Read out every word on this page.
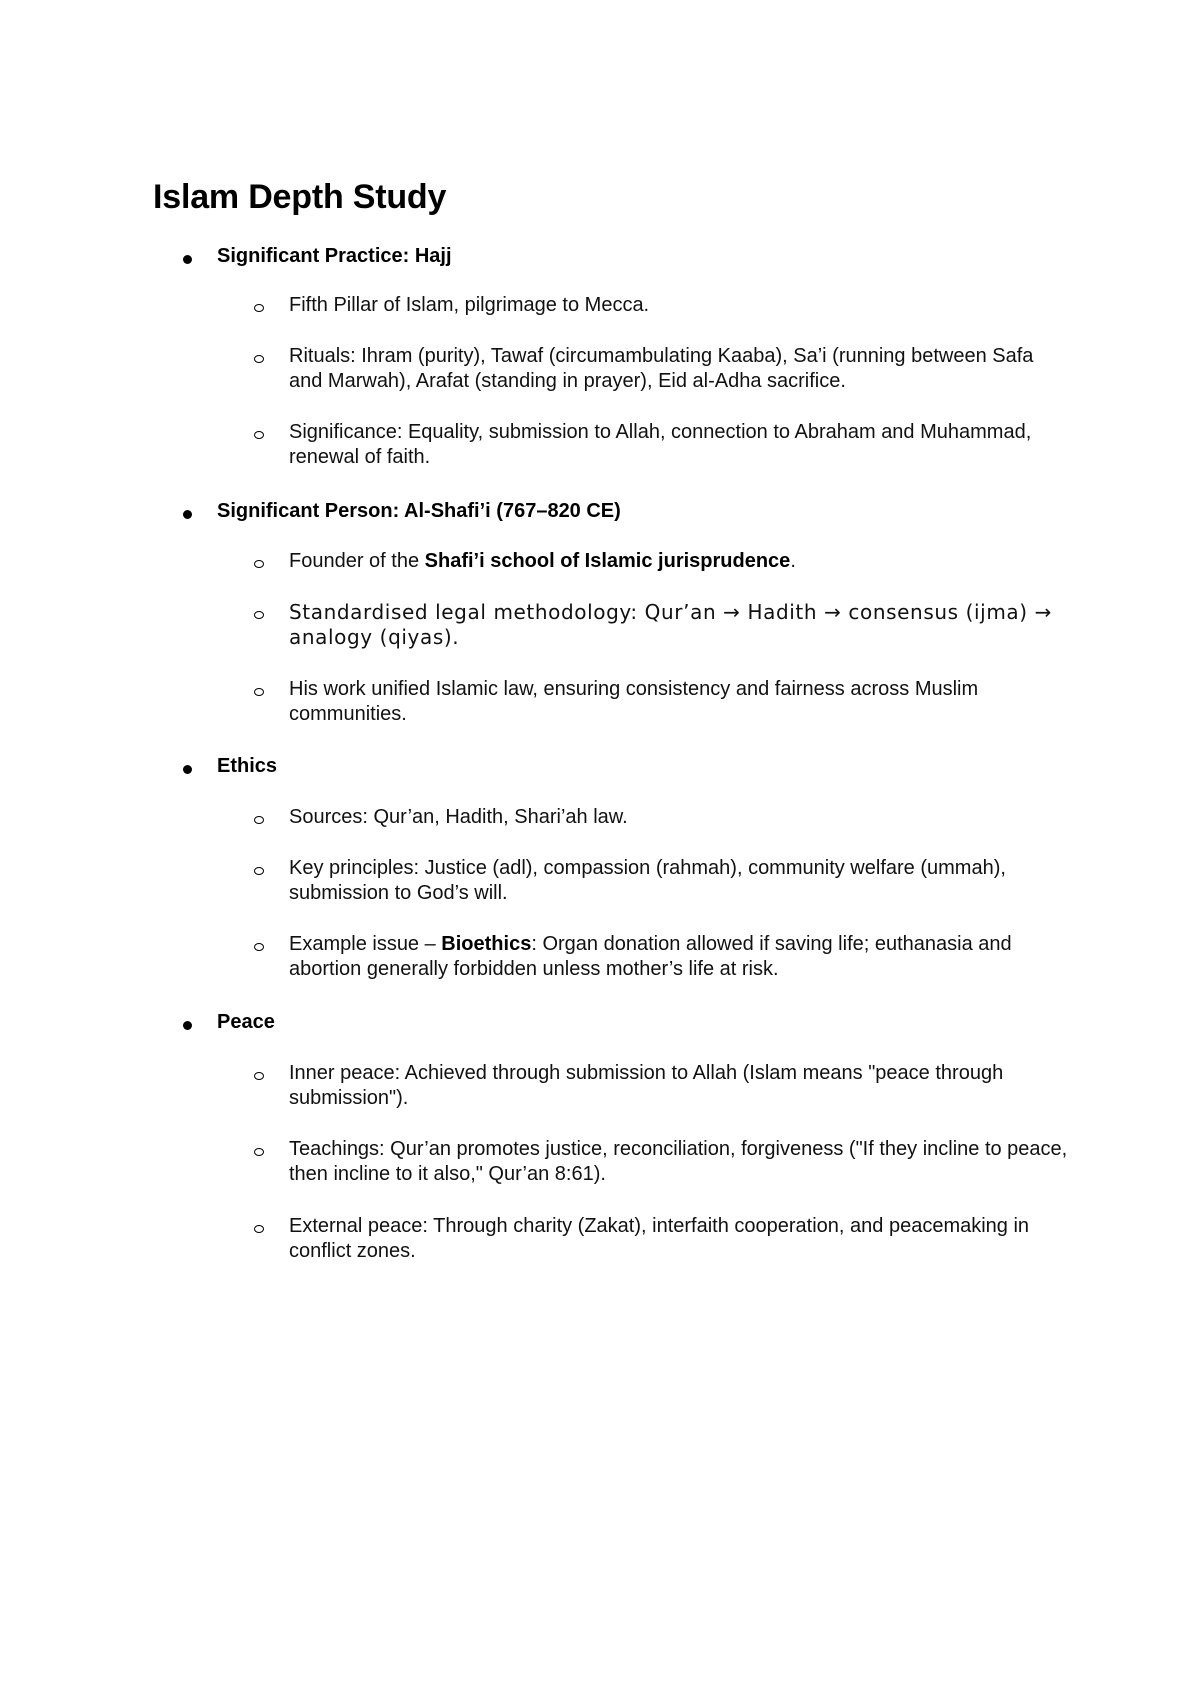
Islam Depth Study
Significant Practice: Hajj

Fifth Pillar of Islam, pilgrimage to Mecca.

Rituals: Ihram (purity), Tawaf (circumambulating Kaaba), Sa’i (running between Safa and Marwah), Arafat (standing in prayer), Eid al-Adha sacrifice.

Significance: Equality, submission to Allah, connection to Abraham and Muhammad, renewal of faith.

Significant Person: Al-Shafi’i (767–820 CE)

Founder of the Shafi’i school of Islamic jurisprudence.

Standardised legal methodology: Qur’an → Hadith → consensus (ijma) → analogy (qiyas).

His work unified Islamic law, ensuring consistency and fairness across Muslim communities.

Ethics

Sources: Qur’an, Hadith, Shari’ah law.

Key principles: Justice (adl), compassion (rahmah), community welfare (ummah), submission to God’s will.

Example issue – Bioethics: Organ donation allowed if saving life; euthanasia and abortion generally forbidden unless mother’s life at risk.

Peace

Inner peace: Achieved through submission to Allah (Islam means "peace through submission").

Teachings: Qur’an promotes justice, reconciliation, forgiveness ("If they incline to peace, then incline to it also," Qur’an 8:61).

External peace: Through charity (Zakat), interfaith cooperation, and peacemaking in conflict zones.
